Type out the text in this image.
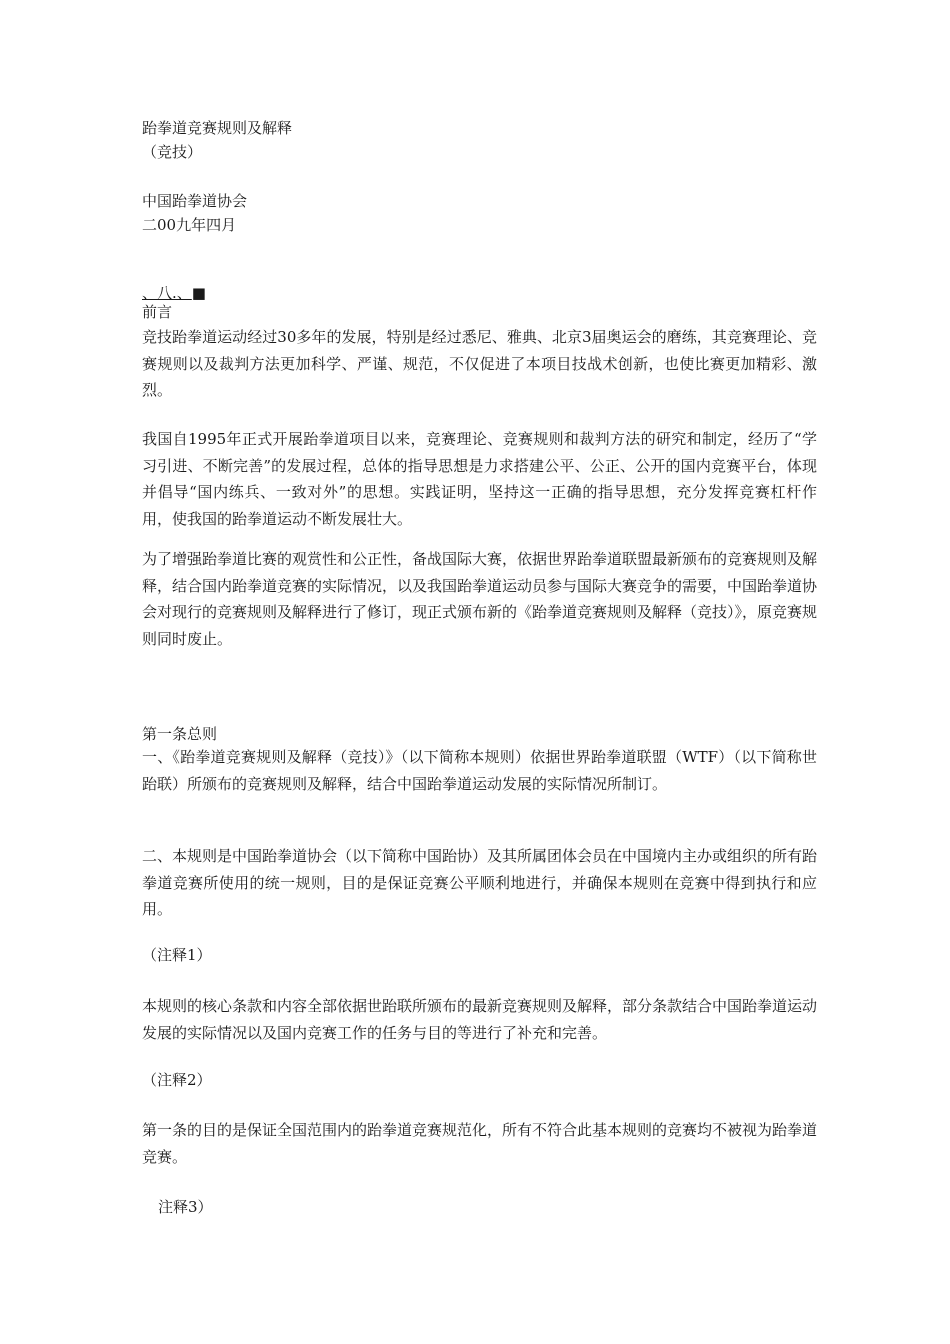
跆拳道竞赛规则及解释
（竞技）
中国跆拳道协会
二00九年四月
、八.、■
前言
竞技跆拳道运动经过30多年的发展，特别是经过悉尼、雅典、北京3届奥运会的磨练，其竞赛理论、竞赛规则以及裁判方法更加科学、严谨、规范，不仅促进了本项目技战术创新，也使比赛更加精彩、激烈。
我国自1995年正式开展跆拳道项目以来，竞赛理论、竞赛规则和裁判方法的研究和制定，经历了“学习引进、不断完善”的发展过程，总体的指导思想是力求搭建公平、公正、公开的国内竞赛平台，体现并倡导“国内练兵、一致对外”的思想。实践证明，坚持这一正确的指导思想，充分发挥竞赛杠杆作用，使我国的跆拳道运动不断发展壮大。
为了增强跆拳道比赛的观赏性和公正性，备战国际大赛，依据世界跆拳道联盟最新颁布的竞赛规则及解释，结合国内跆拳道竞赛的实际情况，以及我国跆拳道运动员参与国际大赛竞争的需要，中国跆拳道协会对现行的竞赛规则及解释进行了修订，现正式颁布新的《跆拳道竞赛规则及解释（竞技）》，原竞赛规则同时废止。
第一条总则
一、《跆拳道竞赛规则及解释（竞技）》（以下简称本规则）依据世界跆拳道联盟（WTF）（以下简称世跆联）所颁布的竞赛规则及解释，结合中国跆拳道运动发展的实际情况所制订。
二、本规则是中国跆拳道协会（以下简称中国跆协）及其所属团体会员在中国境内主办或组织的所有跆拳道竞赛所使用的统一规则，目的是保证竞赛公平顺利地进行，并确保本规则在竞赛中得到执行和应用。
（注释1）
本规则的核心条款和内容全部依据世跆联所颁布的最新竞赛规则及解释，部分条款结合中国跆拳道运动发展的实际情况以及国内竞赛工作的任务与目的等进行了补充和完善。
（注释2）
第一条的目的是保证全国范围内的跆拳道竞赛规范化，所有不符合此基本规则的竞赛均不被视为跆拳道竞赛。
注释3）
